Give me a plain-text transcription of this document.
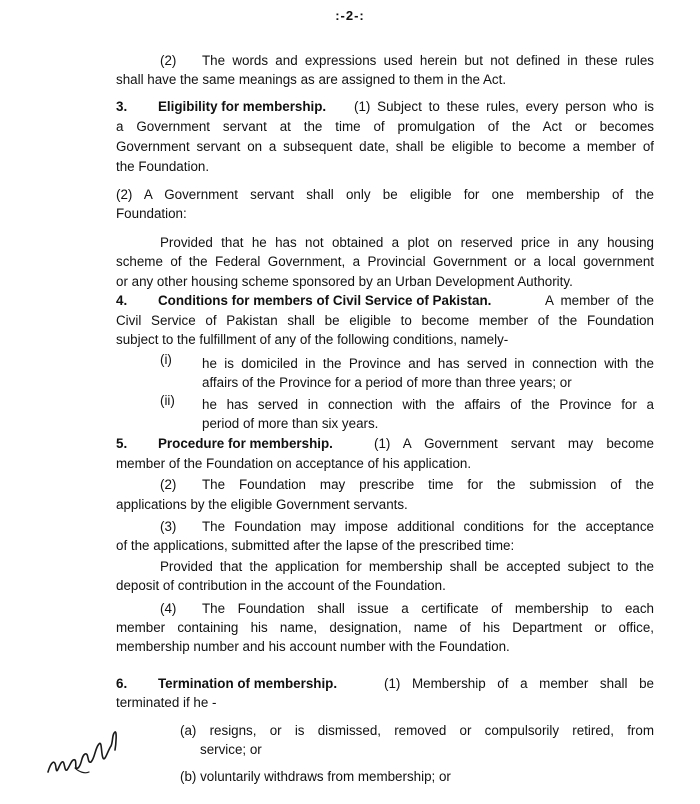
:-2-:
(2) The words and expressions used herein but not defined in these rules
shall have the same meanings as are assigned to them in the Act.
3. Eligibility for membership. (1) Subject to these rules, every person who is
a Government servant at the time of promulgation of the Act or becomes
Government servant on a subsequent date, shall be eligible to become a member of
the Foundation.
(2) A Government servant shall only be eligible for one membership of the
Foundation:
Provided that he has not obtained a plot on reserved price in any housing
scheme of the Federal Government, a Provincial Government or a local government
or any other housing scheme sponsored by an Urban Development Authority.
4. Conditions for members of Civil Service of Pakistan.	A member of the
Civil Service of Pakistan shall be eligible to become member of the Foundation
subject to the fulfillment of any of the following conditions, namely-
(i) he is domiciled in the Province and has served in connection with the
affairs of the Province for a period of more than three years; or
(ii) he has served in connection with the affairs of the Province for a
period of more than six years.
5. Procedure for membership.	(1) A Government servant may become
member of the Foundation on acceptance of his application.
(2) The Foundation may prescribe time for the submission of the
applications by the eligible Government servants.
(3) The Foundation may impose additional conditions for the acceptance
of the applications, submitted after the lapse of the prescribed time:
Provided that the application for membership shall be accepted subject to the
deposit of contribution in the account of the Foundation.
(4) The Foundation shall issue a certificate of membership to each
member containing his name, designation, name of his Department or office,
membership number and his account number with the Foundation.
6. Termination of membership.	(1) Membership of a member shall be
terminated if he -
(a) resigns, or is dismissed, removed or compulsorily retired, from
service; or
(b) voluntarily withdraws from membership; or
